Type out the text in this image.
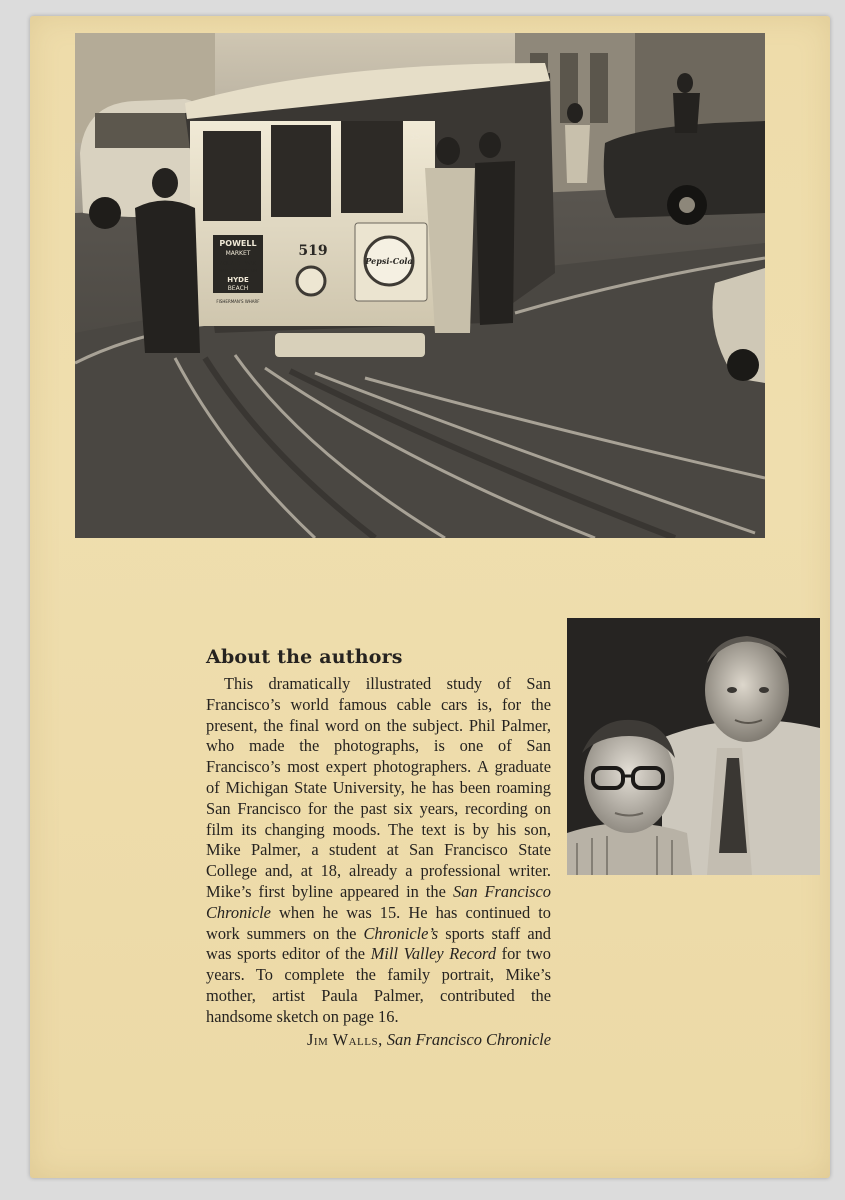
POWELL
MARKET
AQUATIC PARK
MARITIME MUSEUM
HYDE
BEACH
FISHERMAN'S WHARF
519
35
Pepsi-Cola
About the authors

This dramatically illustrated study of San Francisco’s world famous cable cars is, for the present, the final word on the subject. Phil Palmer, who made the photographs, is one of San Francisco’s most expert photographers. A graduate of Michigan State University, he has been roaming San Francisco for the past six years, recording on film its changing moods. The text is by his son, Mike Palmer, a student at San Francisco State College and, at 18, already a professional writer. Mike’s first byline appeared in the San Francisco Chronicle when he was 15. He has continued to work summers on the Chronicle’s sports staff and was sports editor of the Mill Valley Record for two years. To complete the family portrait, Mike’s mother, artist Paula Palmer, contributed the handsome sketch on page 16.

Jim Walls, San Francisco Chronicle
